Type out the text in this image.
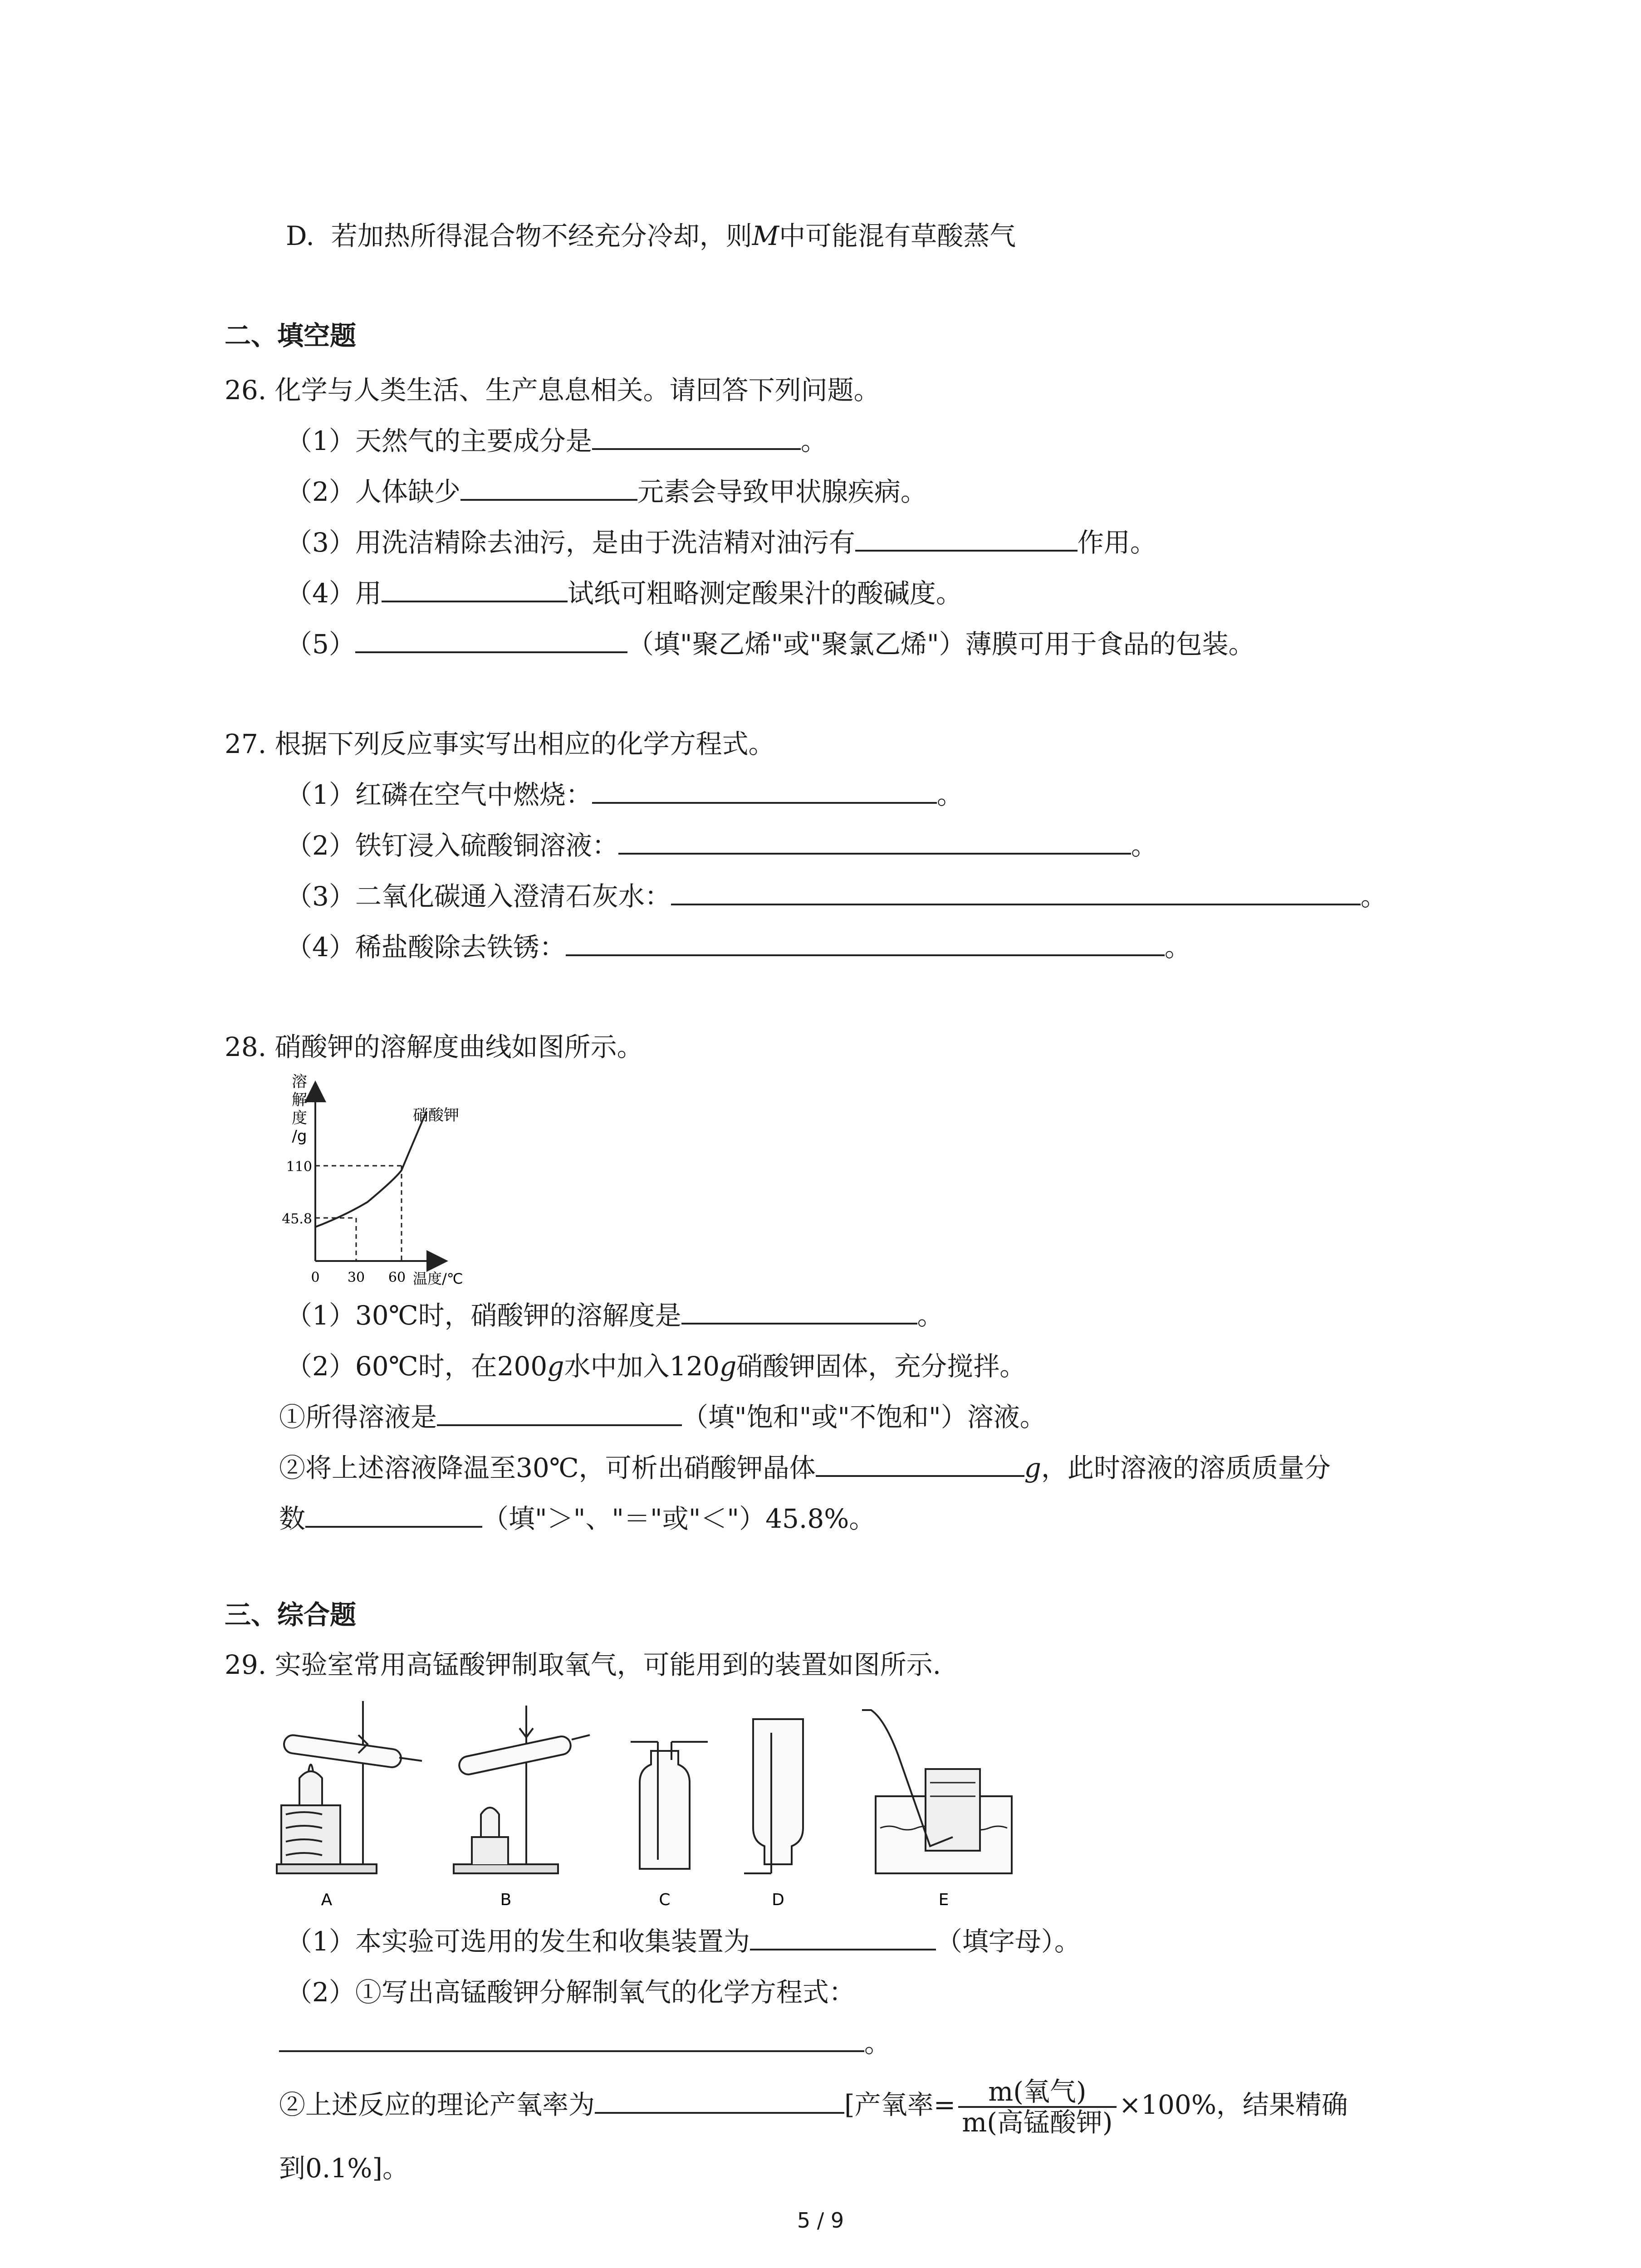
D. 若加热所得混合物不经充分冷却，则M中可能混有草酸蒸气
二、填空题
26. 化学与人类生活、生产息息相关。请回答下列问题。
（1）天然气的主要成分是	。
（2）人体缺少	元素会导致甲状腺疾病。
（3）用洗洁精除去油污，是由于洗洁精对油污有	作用。
（4）用	试纸可粗略测定酸果汁的酸碱度。
（5）	（填"聚乙烯"或"聚氯乙烯"）薄膜可用于食品的包装。
27. 根据下列反应事实写出相应的化学方程式。
（1）红磷在空气中燃烧：	。
（2）铁钉浸入硫酸铜溶液：	。
（3）二氧化碳通入澄清石灰水：	。
（4）稀盐酸除去铁锈：	。
28. 硝酸钾的溶解度曲线如图所示。
溶
解
度
/g
110
45.8
0 30 60 温度/℃
硝酸钾
（1）30℃时，硝酸钾的溶解度是	。
（2）60℃时，在200g水中加入120g硝酸钾固体，充分搅拌。
①所得溶液是	（填"饱和"或"不饱和"）溶液。
②将上述溶液降温至30℃，可析出硝酸钾晶体	g，此时溶液的溶质质量分
数	（填"＞"、"＝"或"＜"）45.8%。
三、综合题
29. 实验室常用高锰酸钾制取氧气，可能用到的装置如图所示.
A	B	C	D	E
（1）本实验可选用的发生和收集装置为	（填字母）。
（2）①写出高锰酸钾分解制氧气的化学方程式：
。
②上述反应的理论产氧率为	[产氧率= $\frac{\text{m(氧气)}}{\text{m(高锰酸钾)}} \times 100\%$，结果精确
到0.1%]。
5 / 9
